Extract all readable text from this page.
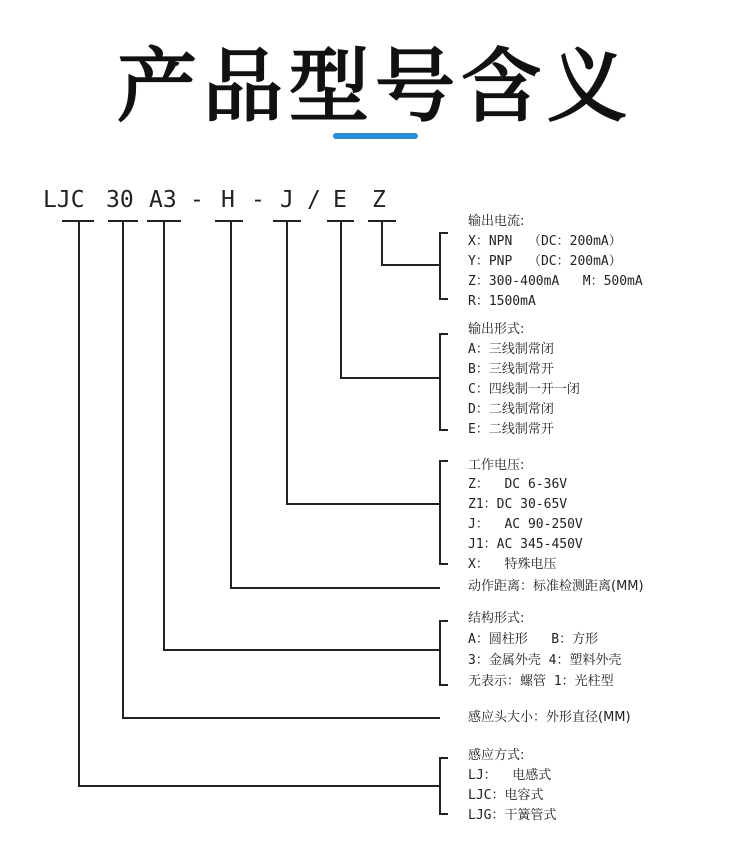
产品型号含义
LJC 30 A3 - H - J / E Z
输出电流:
X：NPN  （DC：200mA）
Y：PNP  （DC：200mA）
Z：300-400mA   M：500mA
R：1500mA
输出形式:
A：三线制常闭
B：三线制常开
C：四线制一开一闭
D：二线制常闭
E：二线制常开
工作电压:
Z：  DC 6-36V
Z1：DC 30-65V
J：  AC 90-250V
J1：AC 345-450V
X：  特殊电压
动作距离：标准检测距离(MM)
结构形式:
A：圆柱形   B：方形
3：金属外壳 4：塑料外壳
无表示：螺管 1：光柱型
感应头大小：外形直径(MM)
感应方式:
LJ：  电感式
LJC：电容式
LJG：干簧管式
